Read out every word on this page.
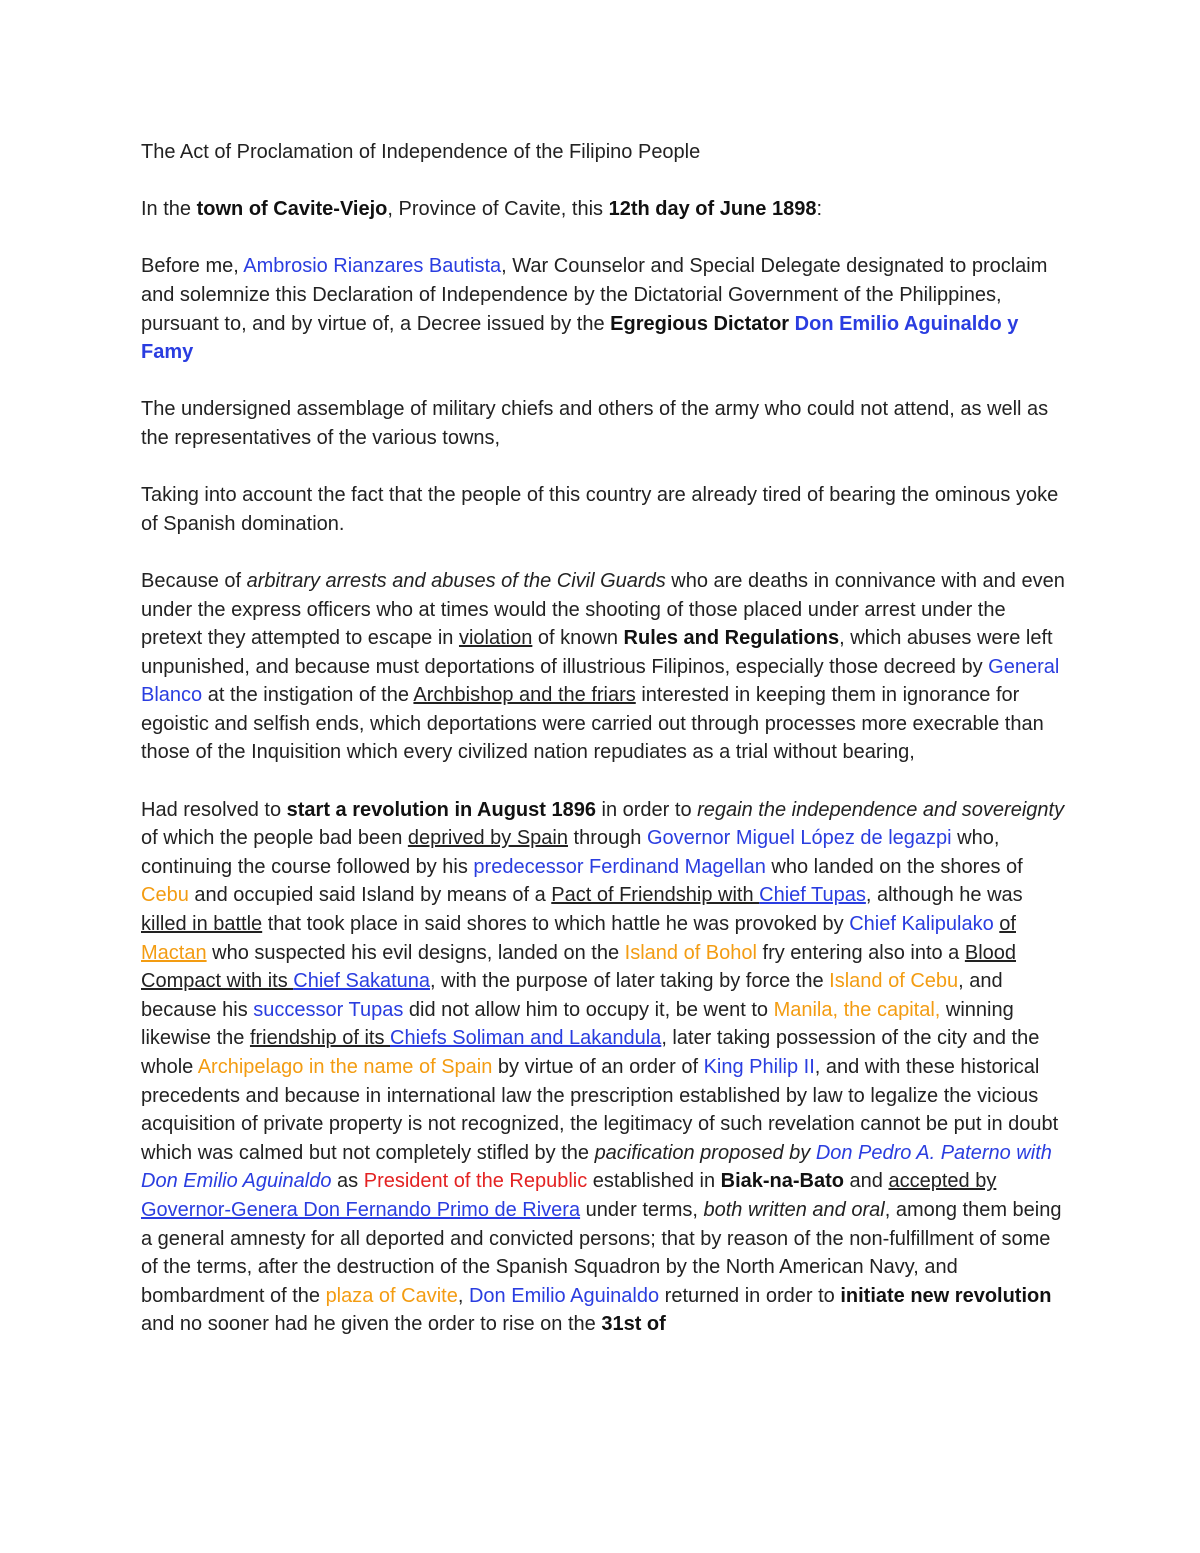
The Act of Proclamation of Independence of the Filipino People

In the town of Cavite-Viejo, Province of Cavite, this 12th day of June 1898:

Before me, Ambrosio Rianzares Bautista, War Counselor and Special Delegate designated to proclaim and solemnize this Declaration of Independence by the Dictatorial Government of the Philippines, pursuant to, and by virtue of, a Decree issued by the Egregious Dictator Don Emilio Aguinaldo y Famy

The undersigned assemblage of military chiefs and others of the army who could not attend, as well as the representatives of the various towns,

Taking into account the fact that the people of this country are already tired of bearing the ominous yoke of Spanish domination.

Because of arbitrary arrests and abuses of the Civil Guards who are deaths in connivance with and even under the express officers who at times would the shooting of those placed under arrest under the pretext they attempted to escape in violation of known Rules and Regulations, which abuses were left unpunished, and because must deportations of illustrious Filipinos, especially those decreed by General Blanco at the instigation of the Archbishop and the friars interested in keeping them in ignorance for egoistic and selfish ends, which deportations were carried out through processes more execrable than those of the Inquisition which every civilized nation repudiates as a trial without bearing,

Had resolved to start a revolution in August 1896 in order to regain the independence and sovereignty of which the people bad been deprived by Spain through Governor Miguel López de legazpi who, continuing the course followed by his predecessor Ferdinand Magellan who landed on the shores of Cebu and occupied said Island by means of a Pact of Friendship with Chief Tupas, although he was killed in battle that took place in said shores to which hattle he was provoked by Chief Kalipulako of Mactan who suspected his evil designs, landed on the Island of Bohol fry entering also into a Blood Compact with its Chief Sakatuna, with the purpose of later taking by force the Island of Cebu, and because his successor Tupas did not allow him to occupy it, be went to Manila, the capital, winning likewise the friendship of its Chiefs Soliman and Lakandula, later taking possession of the city and the whole Archipelago in the name of Spain by virtue of an order of King Philip II, and with these historical precedents and because in international law the prescription established by law to legalize the vicious acquisition of private property is not recognized, the legitimacy of such revelation cannot be put in doubt which was calmed but not completely stifled by the pacification proposed by Don Pedro A. Paterno with Don Emilio Aguinaldo as President of the Republic established in Biak-na-Bato and accepted by Governor-Genera Don Fernando Primo de Rivera under terms, both written and oral, among them being a general amnesty for all deported and convicted persons; that by reason of the non-fulfillment of some of the terms, after the destruction of the Spanish Squadron by the North American Navy, and bombardment of the plaza of Cavite, Don Emilio Aguinaldo returned in order to initiate new revolution and no sooner had he given the order to rise on the 31st of
